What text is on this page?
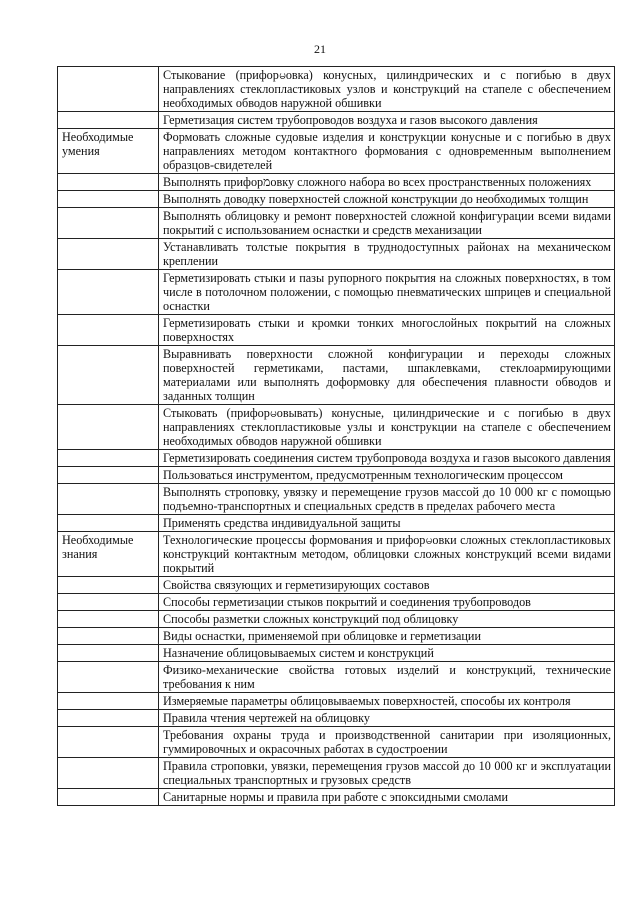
21

	Стыкование (прифорမовка) конусных, цилиндрических и с погибью в двух направлениях стеклопластиковых узлов и конструкций на стапеле с обеспечением необходимых обводов наружной обшивки

	Герметизация систем трубопроводов воздуха и газов высокого давления

Необходимые умения	Формовать сложные судовые изделия и конструкции конусные и с погибью в двух направлениях методом контактного формования с одновременным выполнением образцов-свидетелей

	Выполнять прифорמовку сложного набора во всех пространственных положениях

	Выполнять доводку поверхностей сложной конструкции до необходимых толщин

	Выполнять облицовку и ремонт поверхностей сложной конфигурации всеми видами покрытий с использованием оснастки и средств механизации

	Устанавливать толстые покрытия в труднодоступных районах на механическом креплении

	Герметизировать стыки и пазы рупорного покрытия на сложных поверхностях, в том числе в потолочном положении, с помощью пневматических шприцев и специальной оснастки

	Герметизировать стыки и кромки тонких многослойных покрытий на сложных поверхностях

	Выравнивать поверхности сложной конфигурации и переходы сложных поверхностей герметиками, пастами, шпаклевками, стеклоармирующими материалами или выполнять доформовку для обеспечения плавности обводов и заданных толщин

	Стыковать (прифорမовывать) конусные, цилиндрические и с погибью в двух направлениях стеклопластиковые узлы и конструкции на стапеле с обеспечением необходимых обводов наружной обшивки

	Герметизировать соединения систем трубопровода воздуха и газов высокого давления

	Пользоваться инструментом, предусмотренным технологическим процессом

	Выполнять строповку, увязку и перемещение грузов массой до 10 000 кг с помощью подъемно-транспортных и специальных средств в пределах рабочего места

	Применять средства индивидуальной защиты

Необходимые знания	Технологические процессы формования и прифорမовки сложных стеклопластиковых конструкций контактным методом, облицовки сложных конструкций всеми видами покрытий

	Свойства связующих и герметизирующих составов

	Способы герметизации стыков покрытий и соединения трубопроводов

	Способы разметки сложных конструкций под облицовку

	Виды оснастки, применяемой при облицовке и герметизации

	Назначение облицовываемых систем и конструкций

	Физико-механические свойства готовых изделий и конструкций, технические требования к ним

	Измеряемые параметры облицовываемых поверхностей, способы их контроля

	Правила чтения чертежей на облицовку

	Требования охраны труда и производственной санитарии при изоляционных, гуммировочных и окрасочных работах в судостроении

	Правила строповки, увязки, перемещения грузов массой до 10 000 кг и эксплуатации специальных транспортных и грузовых средств

	Санитарные нормы и правила при работе с эпоксидными смолами
